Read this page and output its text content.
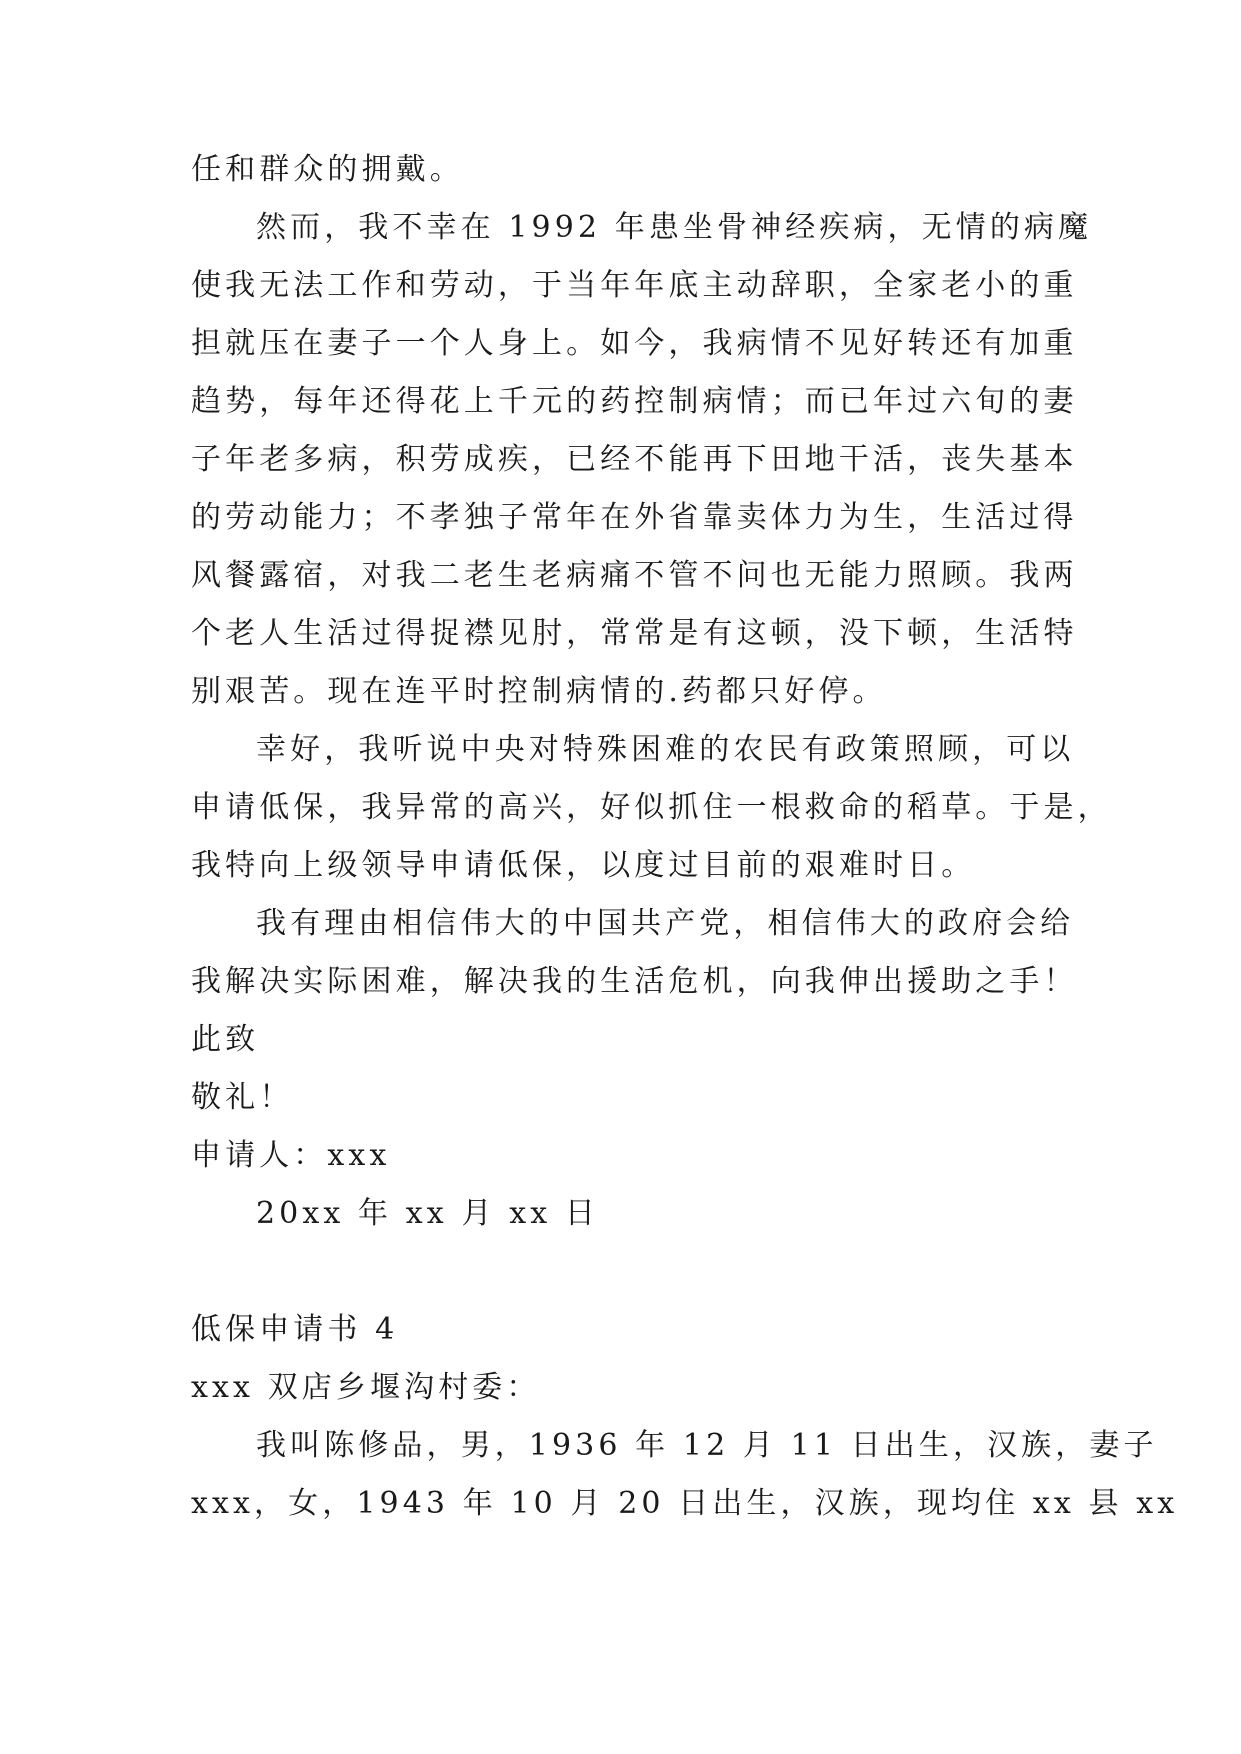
任和群众的拥戴。
然而，我不幸在 1992 年患坐骨神经疾病，无情的病魔
使我无法工作和劳动，于当年年底主动辞职，全家老小的重
担就压在妻子一个人身上。如今，我病情不见好转还有加重
趋势，每年还得花上千元的药控制病情；而已年过六旬的妻
子年老多病，积劳成疾，已经不能再下田地干活，丧失基本
的劳动能力；不孝独子常年在外省靠卖体力为生，生活过得
风餐露宿，对我二老生老病痛不管不问也无能力照顾。我两
个老人生活过得捉襟见肘，常常是有这顿，没下顿，生活特
别艰苦。现在连平时控制病情的.药都只好停。
幸好，我听说中央对特殊困难的农民有政策照顾，可以
申请低保，我异常的高兴，好似抓住一根救命的稻草。于是，
我特向上级领导申请低保，以度过目前的艰难时日。
我有理由相信伟大的中国共产党，相信伟大的政府会给
我解决实际困难，解决我的生活危机，向我伸出援助之手！
此致
敬礼！
申请人：xxx
20xx 年 xx 月 xx 日
低保申请书 4
xxx 双店乡堰沟村委：
我叫陈修品，男，1936 年 12 月 11 日出生，汉族，妻子
xxx，女，1943 年 10 月 20 日出生，汉族，现均住 xx 县 xx
